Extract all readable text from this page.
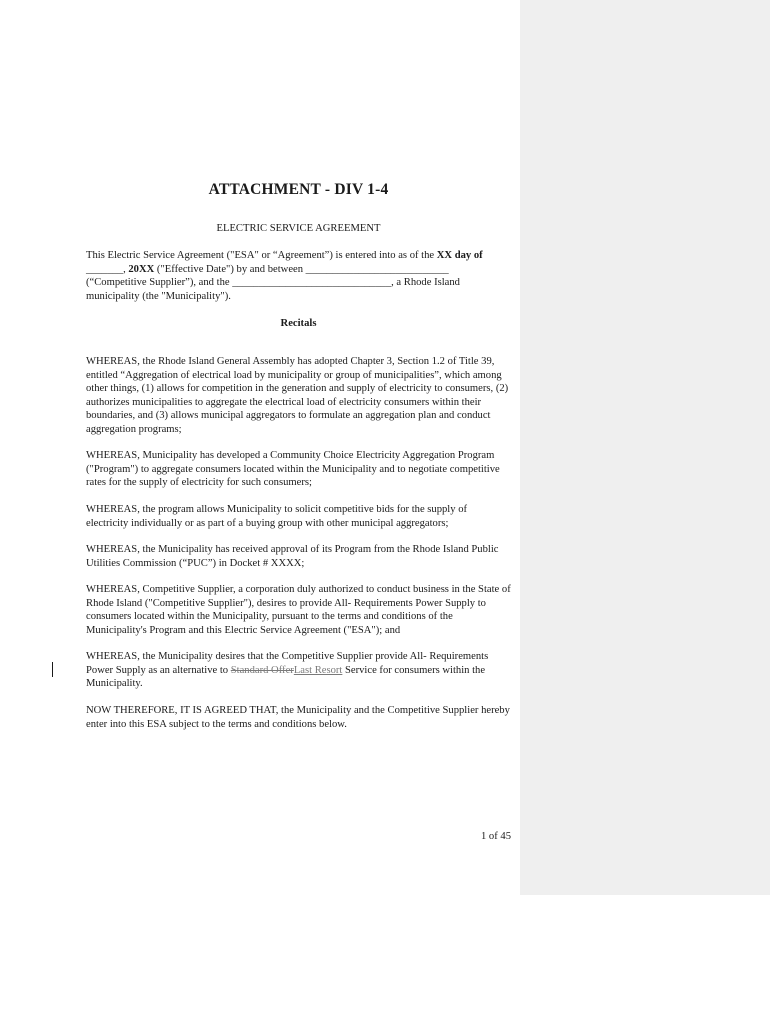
ATTACHMENT - DIV 1-4
ELECTRIC SERVICE AGREEMENT

This Electric Service Agreement ("ESA" or “Agreement”) is entered into as of the XX day of
_______, 20XX ("Effective Date") by and between ___________________________
(“Competitive Supplier”), and the ______________________________, a Rhode Island municipality (the "Municipality").

Recitals

WHEREAS, the Rhode Island General Assembly has adopted Chapter 3, Section 1.2 of Title 39, entitled “Aggregation of electrical load by municipality or group of municipalities”, which among other things, (1) allows for competition in the generation and supply of electricity to consumers, (2) authorizes municipalities to aggregate the electrical load of electricity consumers within their boundaries, and (3) allows municipal aggregators to formulate an aggregation plan and conduct aggregation programs;

WHEREAS, Municipality has developed a Community Choice Electricity Aggregation Program ("Program") to aggregate consumers located within the Municipality and to negotiate competitive rates for the supply of electricity for such consumers;

WHEREAS, the program allows Municipality to solicit competitive bids for the supply of electricity individually or as part of a buying group with other municipal aggregators;

WHEREAS, the Municipality has received approval of its Program from the Rhode Island Public Utilities Commission (“PUC”) in Docket # XXXX;

WHEREAS, Competitive Supplier, a corporation duly authorized to conduct business in the State of Rhode Island ("Competitive Supplier"), desires to provide All- Requirements Power Supply to consumers located within the Municipality, pursuant to the terms and conditions of the Municipality's Program and this Electric Service Agreement ("ESA"); and

WHEREAS, the Municipality desires that the Competitive Supplier provide All- Requirements Power Supply as an alternative to Standard OfferLast Resort Service for consumers within the Municipality.

NOW THEREFORE, IT IS AGREED THAT, the Municipality and the Competitive Supplier hereby enter into this ESA subject to the terms and conditions below.

1 of 45
